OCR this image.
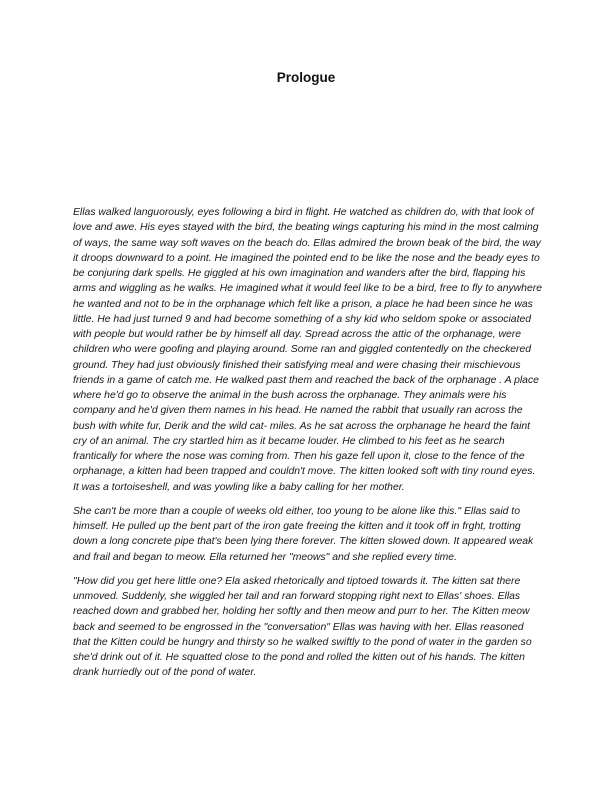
Prologue

Ellas walked languorously, eyes following a bird in flight. He watched as children do, with that look of love and awe. His eyes stayed with the bird, the beating wings capturing his mind in the most calming of ways, the same way soft waves on the beach do. Ellas admired the brown beak of the bird, the way it droops downward to a point. He imagined the pointed end to be like the nose and the beady eyes to be conjuring dark spells. He giggled at his own imagination and wanders after the bird, flapping his arms and wiggling as he walks. He imagined what it would feel like to be a bird, free to fly to anywhere he wanted and not to be in the orphanage which felt like a prison, a place he had been since he was little. He had just turned 9 and had become something of a shy kid who seldom spoke or associated with people but would rather be by himself all day. Spread across the attic of the orphanage, were children who were goofing and playing around. Some ran and giggled contentedly on the checkered ground. They had just obviously finished their satisfying meal and were chasing their mischievous friends in a game of catch me. He walked past them and reached the back of the orphanage . A place where he'd go to observe the animal in the bush across the orphanage. They animals were his company and he'd given them names in his head. He named the rabbit that usually ran across the bush with white fur, Derik and the wild cat- miles. As he sat across the orphanage he heard the faint cry of an animal. The cry startled him as it became louder. He climbed to his feet as he search frantically for where the nose was coming from. Then his gaze fell upon it, close to the fence of the orphanage, a kitten had been trapped and couldn't move. The kitten looked soft with tiny round eyes. It was a tortoiseshell, and was yowling like a baby calling for her mother.

She can't be more than a couple of weeks old either, too young to be alone like this." Ellas said to himself. He pulled up the bent part of the iron gate freeing the kitten and it took off in frght, trotting down a long concrete pipe that's been lying there forever. The kitten slowed down. It appeared weak and frail and began to meow. Ella returned her "meows" and she replied every time.

"How did you get here little one? Ela asked rhetorically and tiptoed towards it. The kitten sat there unmoved. Suddenly, she wiggled her tail and ran forward stopping right next to Ellas' shoes. Ellas reached down and grabbed her, holding her softly and then meow and purr to her. The Kitten meow back and seemed to be engrossed in the "conversation" Ellas was having with her. Ellas reasoned that the Kitten could be hungry and thirsty so he walked swiftly to the pond of water in the garden so she'd drink out of it. He squatted close to the pond and rolled the kitten out of his hands. The kitten drank hurriedly out of the pond of water.
